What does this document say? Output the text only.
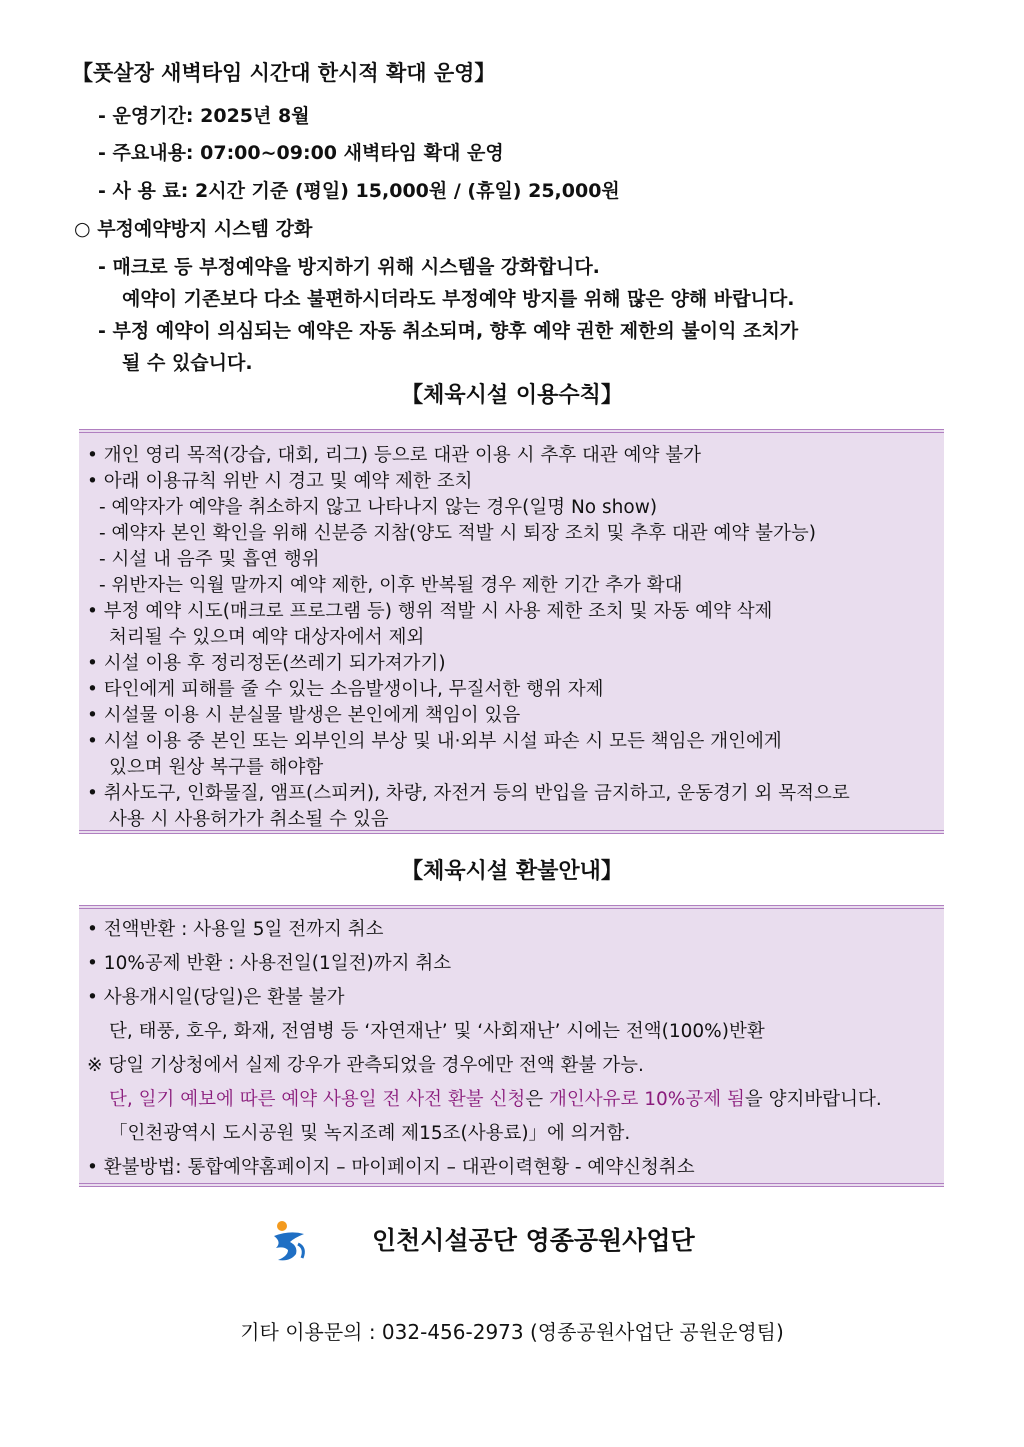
【풋살장 새벽타임 시간대 한시적 확대 운영】
- 운영기간: 2025년 8월
- 주요내용: 07:00~09:00 새벽타임 확대 운영
- 사 용 료: 2시간 기준 (평일) 15,000원 / (휴일) 25,000원
○ 부정예약방지 시스템 강화
- 매크로 등 부정예약을 방지하기 위해 시스템을 강화합니다.
예약이 기존보다 다소 불편하시더라도 부정예약 방지를 위해 많은 양해 바랍니다.
- 부정 예약이 의심되는 예약은 자동 취소되며, 향후 예약 권한 제한의 불이익 조치가
될 수 있습니다.
【체육시설 이용수칙】
• 개인 영리 목적(강습, 대회, 리그) 등으로 대관 이용 시 추후 대관 예약 불가
• 아래 이용규칙 위반 시 경고 및 예약 제한 조치
- 예약자가 예약을 취소하지 않고 나타나지 않는 경우(일명 No show)
- 예약자 본인 확인을 위해 신분증 지참(양도 적발 시 퇴장 조치 및 추후 대관 예약 불가능)
- 시설 내 음주 및 흡연 행위
- 위반자는 익월 말까지 예약 제한, 이후 반복될 경우 제한 기간 추가 확대
• 부정 예약 시도(매크로 프로그램 등) 행위 적발 시 사용 제한 조치 및 자동 예약 삭제
처리될 수 있으며 예약 대상자에서 제외
• 시설 이용 후 정리정돈(쓰레기 되가져가기)
• 타인에게 피해를 줄 수 있는 소음발생이나, 무질서한 행위 자제
• 시설물 이용 시 분실물 발생은 본인에게 책임이 있음
• 시설 이용 중 본인 또는 외부인의 부상 및 내·외부 시설 파손 시 모든 책임은 개인에게
있으며 원상 복구를 해야함
• 취사도구, 인화물질, 앰프(스피커), 차량, 자전거 등의 반입을 금지하고, 운동경기 외 목적으로
사용 시 사용허가가 취소될 수 있음
【체육시설 환불안내】
• 전액반환 : 사용일 5일 전까지 취소
• 10%공제 반환 : 사용전일(1일전)까지 취소
• 사용개시일(당일)은 환불 불가
단, 태풍, 호우, 화재, 전염병 등 ‘자연재난’ 및 ‘사회재난’ 시에는 전액(100%)반환
※ 당일 기상청에서 실제 강우가 관측되었을 경우에만 전액 환불 가능.
단, 일기 예보에 따른 예약 사용일 전 사전 환불 신청은 개인사유로 10%공제 됨을 양지바랍니다.
「인천광역시 도시공원 및 녹지조례 제15조(사용료)」에 의거함.
• 환불방법: 통합예약홈페이지 – 마이페이지 – 대관이력현황 - 예약신청취소
인천시설공단 영종공원사업단
기타 이용문의 : 032-456-2973 (영종공원사업단 공원운영팀)
